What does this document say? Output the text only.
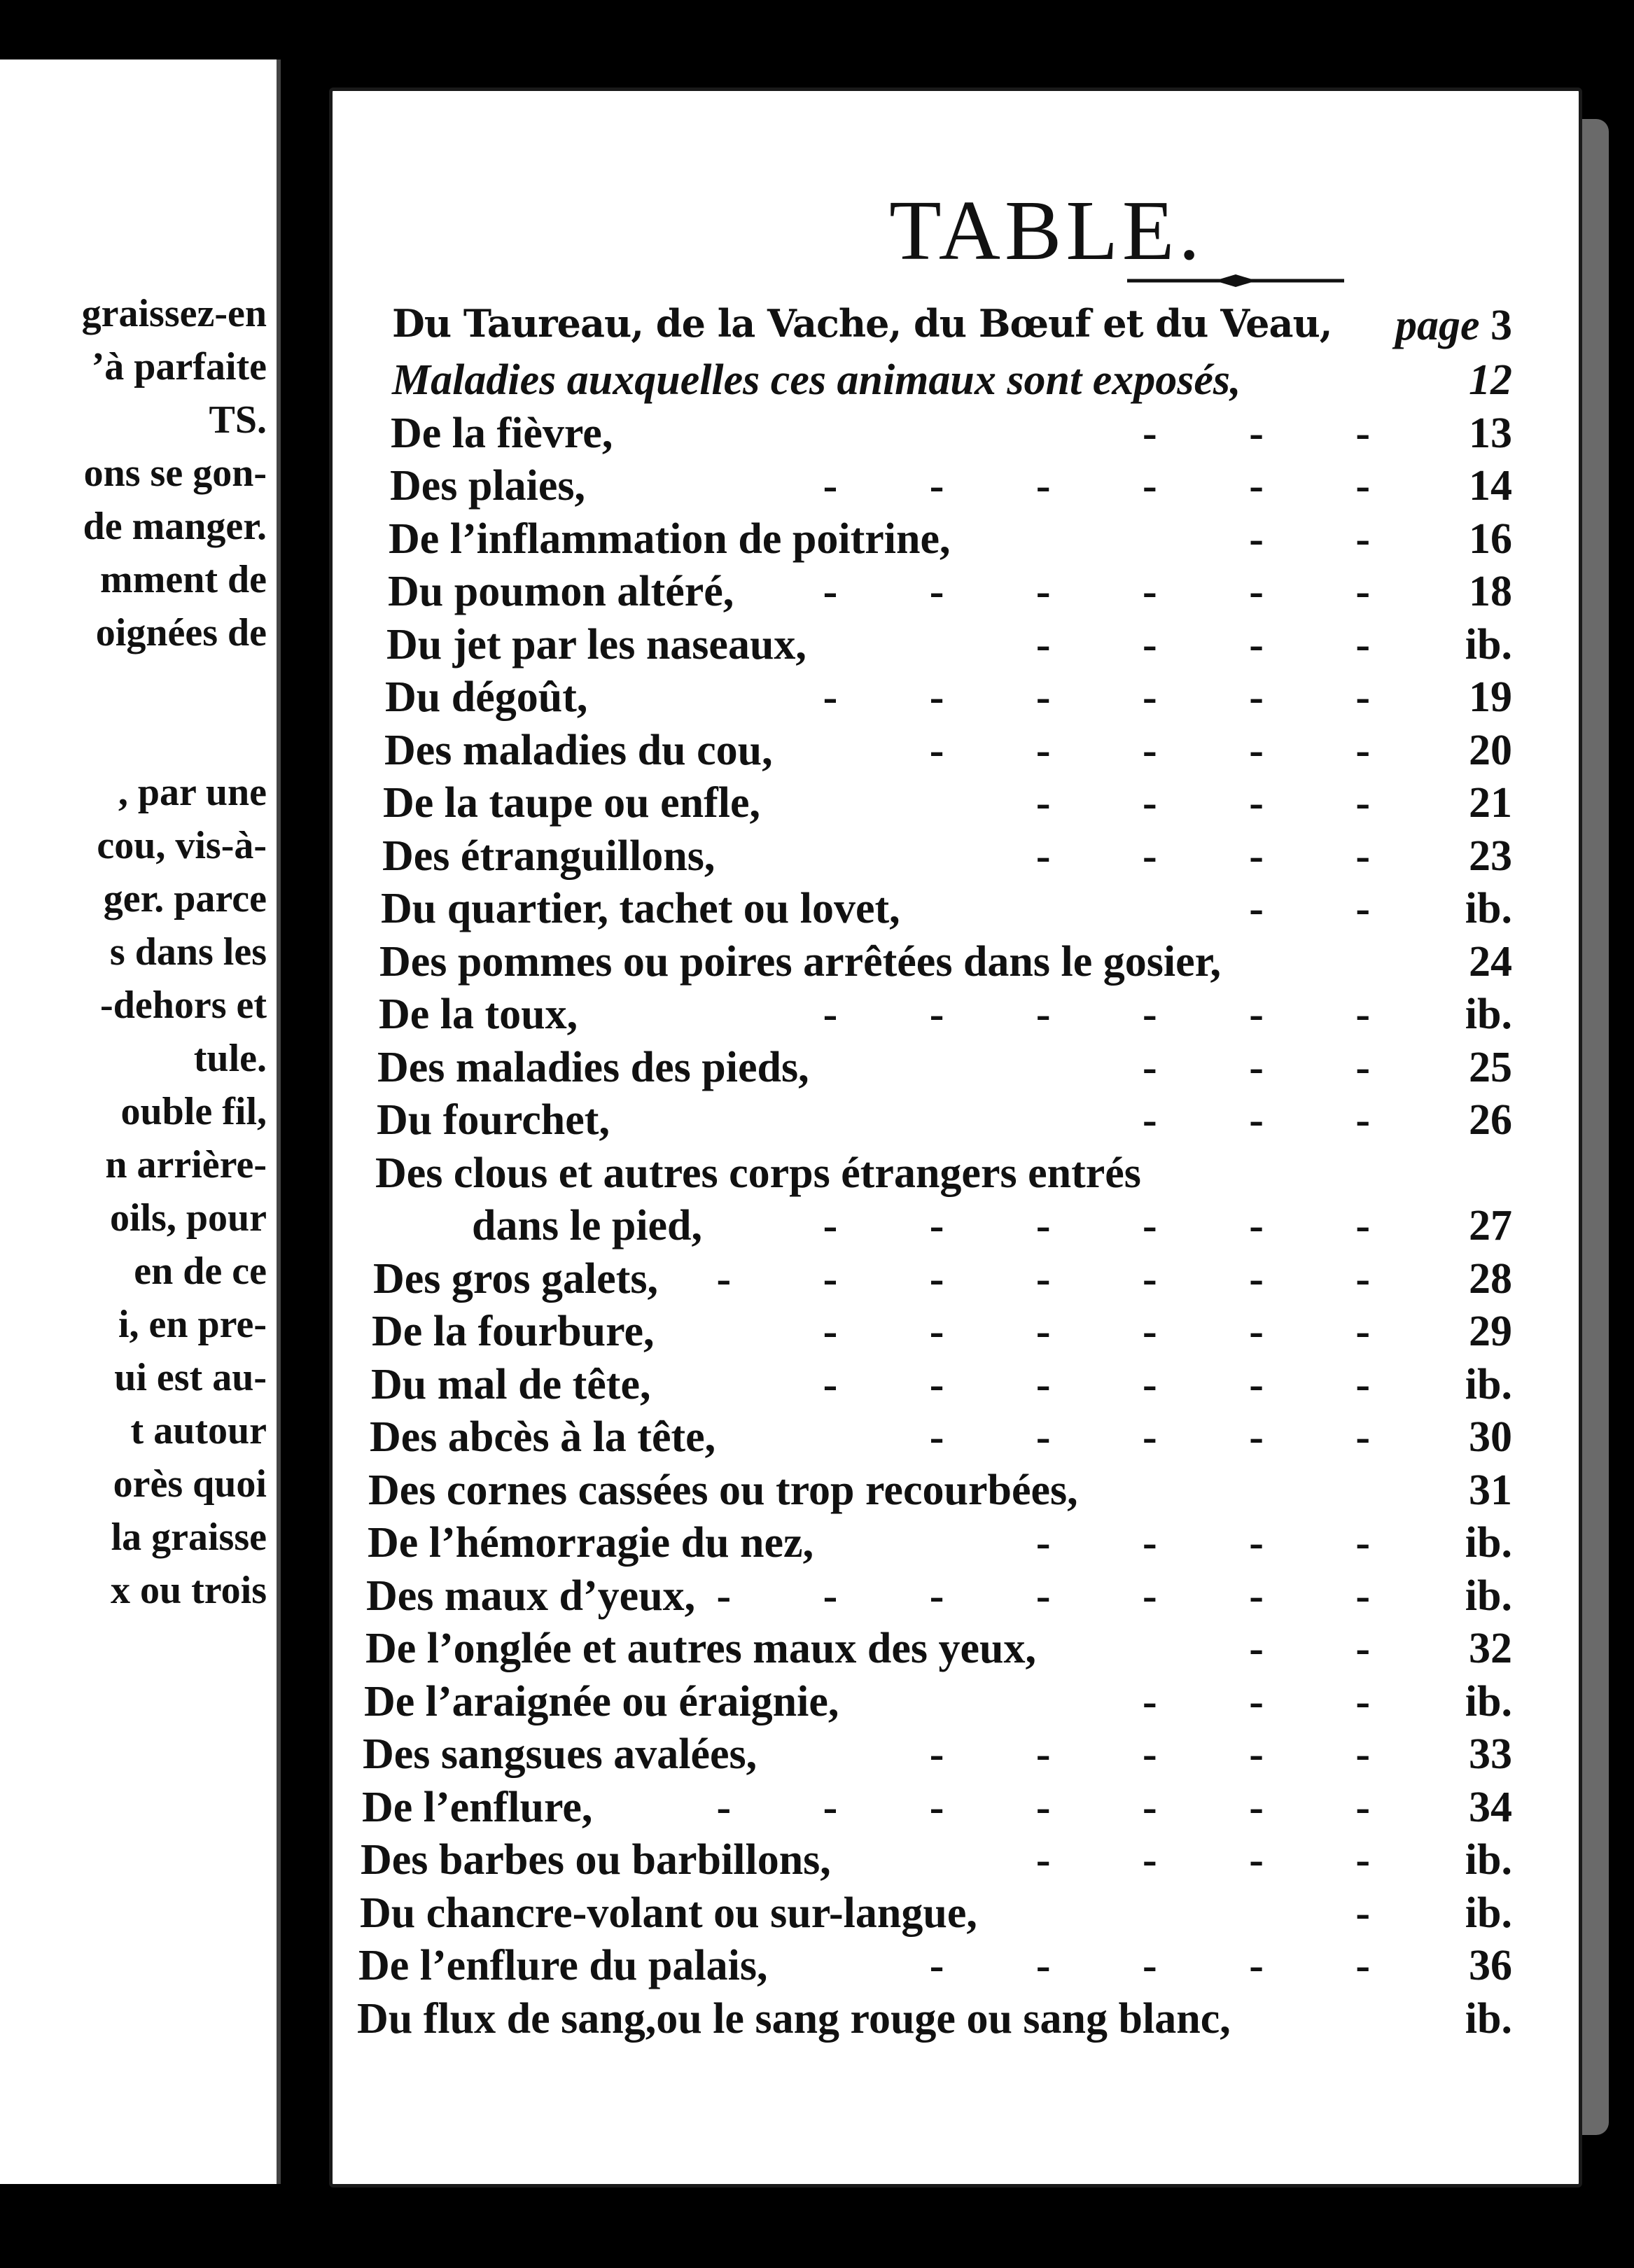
graissez-en
’à parfaite
TS.
ons se gon-
de manger.
mment de
oignées de
, par une
cou, vis-à-
ger. parce
s dans les
-dehors et
tule.
ouble fil,
n arrière-
oils, pour
en de ce
i, en pre-
ui est au-
t autour
orès quoi
la graisse
x ou trois
TABLE.
Du Taureau, de la Vache, du Bœuf et du Veau, page 3
Maladies auxquelles ces animaux sont exposés,	12
De la fièvre,	- - - 13
Des plaies,	- - - - - - 14
De l’inflammation de poitrine,	- - 16
Du poumon altéré, - - - - - - 18
Du jet par les naseaux,	- - - - ib.
Du dégoût,	- - - - - - 19
Des maladies du cou,	- - - - - 20
De la taupe ou enfle,	- - - - 21
Des étranguillons,	- - - - 23
Du quartier, tachet ou lovet,	- - ib.
Des pommes ou poires arrêtées dans le gosier,	24
De la toux,	- - - - - - ib.
Des maladies des pieds,	- - - 25
Du fourchet,	- - - 26
Des clous et autres corps étrangers entrés
dans le pied,	- - - - - - 27
Des gros galets, - - - - - - - 28
De la fourbure,	- - - - - - 29
Du mal de tête,	- - - - - - ib.
Des abcès à la tête,	- - - - - 30
Des cornes cassées ou trop recourbées,	31
De l’hémorragie du nez,	- - - - ib.
Des maux d’yeux, - - - - - - - ib.
De l’onglée et autres maux des yeux,	- - 32
De l’araignée ou éraignie,	- - - ib.
Des sangsues avalées,	- - - - - 33
De l’enflure,	- - - - - - - 34
Des barbes ou barbillons,	- - - - ib.
Du chancre-volant ou sur-langue,	- ib.
De l’enflure du palais,	- - - - - 36
Du flux de sang,ou le sang rouge ou sang blanc,	ib.
